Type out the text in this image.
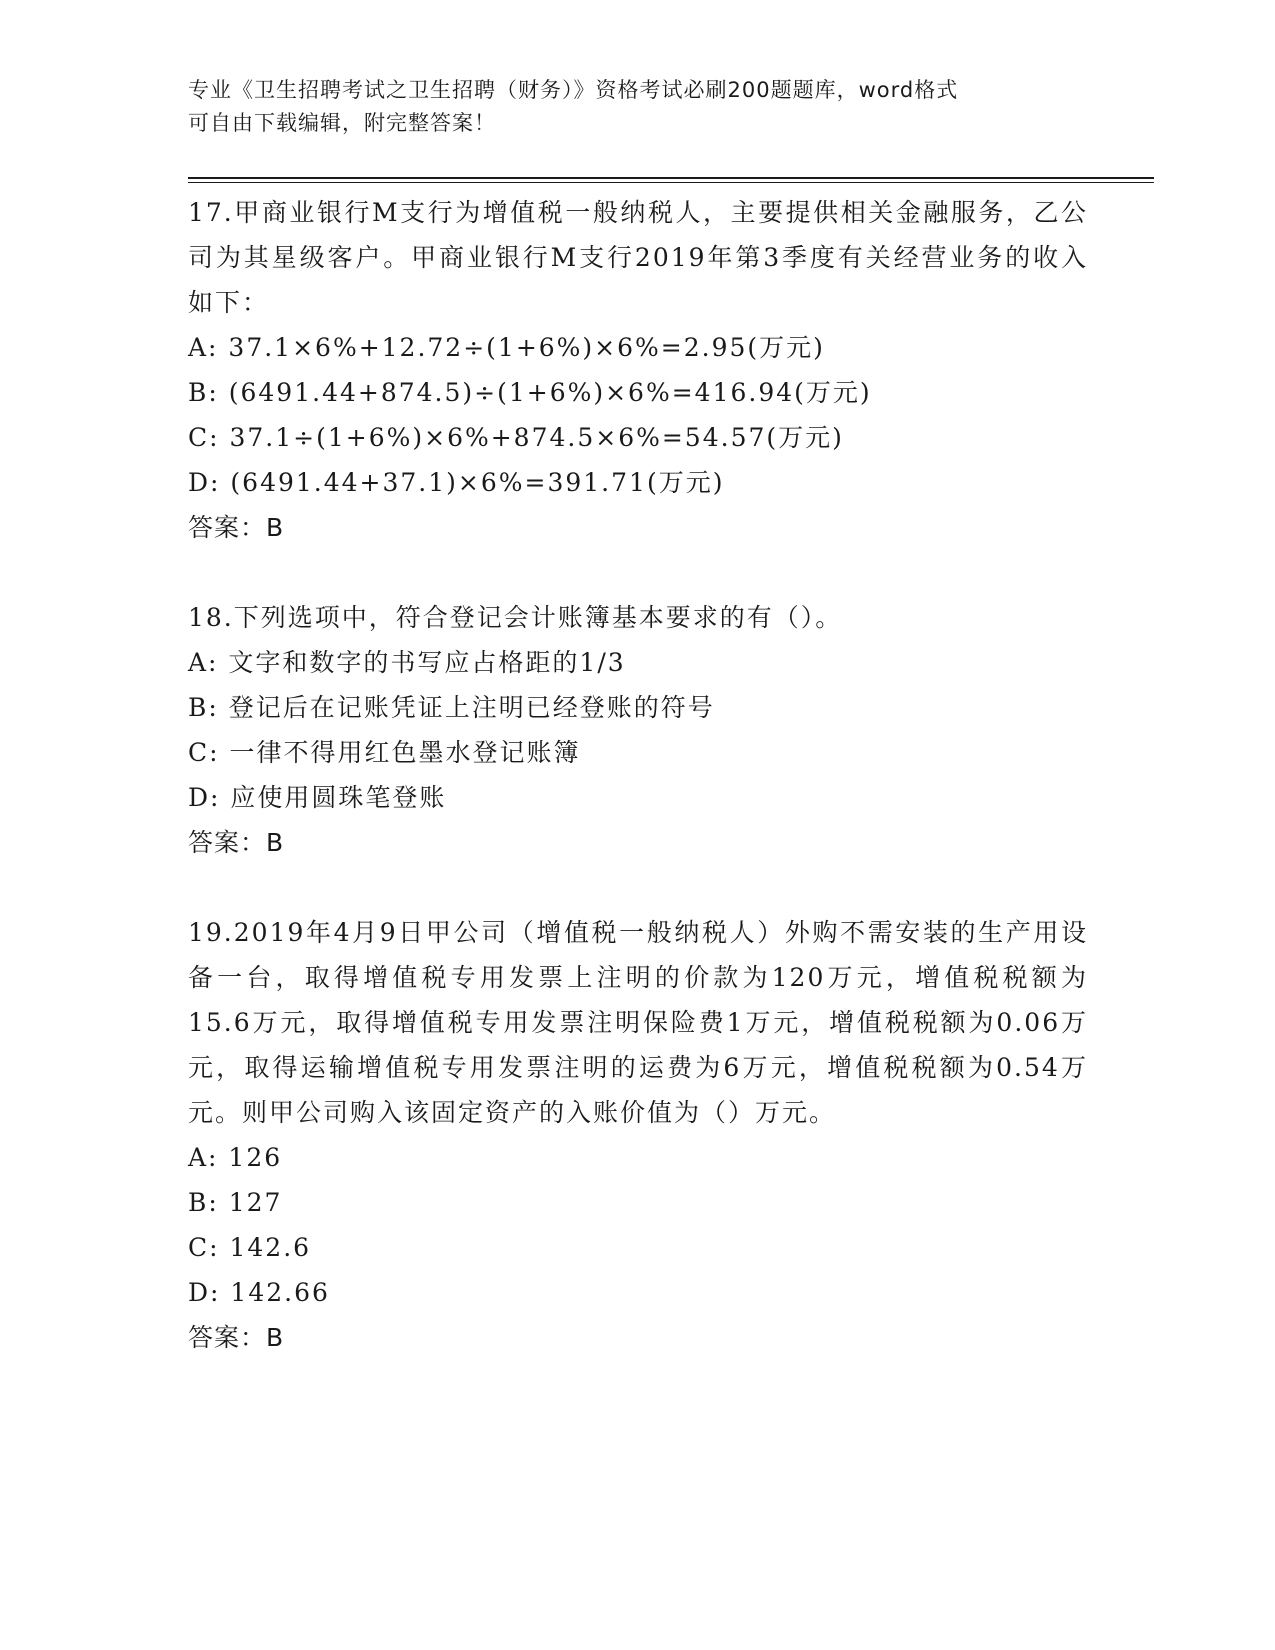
专业《卫生招聘考试之卫生招聘（财务）》资格考试必刷200题题库，word格式

可自由下载编辑，附完整答案！

17.甲商业银行M支行为增值税一般纳税人，主要提供相关金融服务，乙公司为其星级客户。甲商业银行M支行2019年第3季度有关经营业务的收入如下：

A: 37.1×6%+12.72÷(1+6%)×6%=2.95(万元)

B: (6491.44+874.5)÷(1+6%)×6%=416.94(万元)

C: 37.1÷(1+6%)×6%+874.5×6%=54.57(万元)

D: (6491.44+37.1)×6%=391.71(万元)

答案：B

18.下列选项中，符合登记会计账簿基本要求的有（）。

A: 文字和数字的书写应占格距的1/3

B: 登记后在记账凭证上注明已经登账的符号

C: 一律不得用红色墨水登记账簿

D: 应使用圆珠笔登账

答案：B

19.2019年4月9日甲公司（增值税一般纳税人）外购不需安装的生产用设备一台，取得增值税专用发票上注明的价款为120万元，增值税税额为15.6万元，取得增值税专用发票注明保险费1万元，增值税税额为0.06万元，取得运输增值税专用发票注明的运费为6万元，增值税税额为0.54万元。则甲公司购入该固定资产的入账价值为（）万元。

A: 126

B: 127

C: 142.6

D: 142.66

答案：B
